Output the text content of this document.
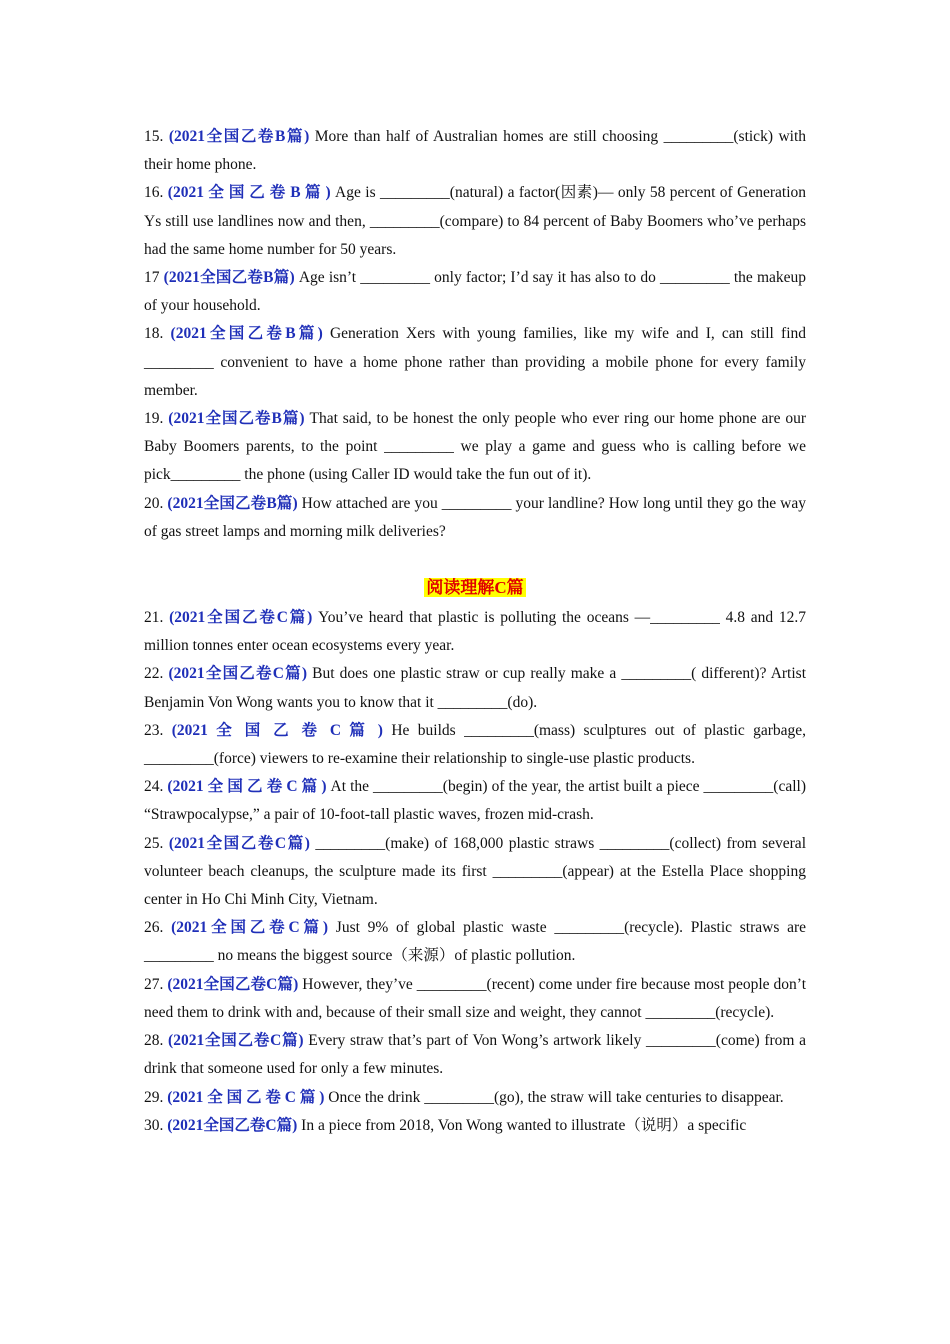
15. (2021全国乙卷B篇) More than half of Australian homes are still choosing _________(stick) with their home phone.

16. (2021 全 国 乙 卷 B 篇 ) Age is _________(natural) a factor(因素)— only 58 percent of Generation Ys still use landlines now and then, _________(compare) to 84 percent of Baby Boomers who’ve perhaps had the same home number for 50 years.

17 (2021全国乙卷B篇) Age isn’t _________ only factor; I’d say it has also to do _________ the makeup of your household.

18. (2021全国乙卷B篇) Generation Xers with young families, like my wife and I, can still find _________ convenient to have a home phone rather than providing a mobile phone for every family member.

19. (2021全国乙卷B篇) That said, to be honest the only people who ever ring our home phone are our Baby Boomers parents, to the point _________ we play a game and guess who is calling before we pick_________ the phone (using Caller ID would take the fun out of it).

20. (2021全国乙卷B篇) How attached are you _________ your landline? How long until they go the way of gas street lamps and morning milk deliveries?

阅读理解C篇

21. (2021全国乙卷C篇) You’ve heard that plastic is polluting the oceans —_________ 4.8 and 12.7 million tonnes enter ocean ecosystems every year.

22. (2021全国乙卷C篇) But does one plastic straw or cup really make a _________( different)? Artist Benjamin Von Wong wants you to know that it _________(do).

23. (2021 全 国 乙 卷 C 篇 ) He builds _________(mass) sculptures out of plastic garbage, _________(force) viewers to re-examine their relationship to single-use plastic products.

24. (2021 全 国 乙 卷 C 篇 ) At the _________(begin) of the year, the artist built a piece _________(call) “Strawpocalypse,” a pair of 10-foot-tall plastic waves, frozen mid-crash.

25. (2021全国乙卷C篇) _________(make) of 168,000 plastic straws _________(collect) from several volunteer beach cleanups, the sculpture made its first _________(appear) at the Estella Place shopping center in Ho Chi Minh City, Vietnam.

26. (2021全国乙卷C篇) Just 9% of global plastic waste _________(recycle). Plastic straws are _________ no means the biggest source（来源）of plastic pollution.

27. (2021全国乙卷C篇) However, they’ve _________(recent) come under fire because most people don’t need them to drink with and, because of their small size and weight, they cannot _________(recycle).

28. (2021全国乙卷C篇) Every straw that’s part of Von Wong’s artwork likely _________(come) from a drink that someone used for only a few minutes.

29. (2021 全 国 乙 卷 C 篇 ) Once the drink _________(go), the straw will take centuries to disappear.

30. (2021全国乙卷C篇) In a piece from 2018, Von Wong wanted to illustrate（说明）a specific
